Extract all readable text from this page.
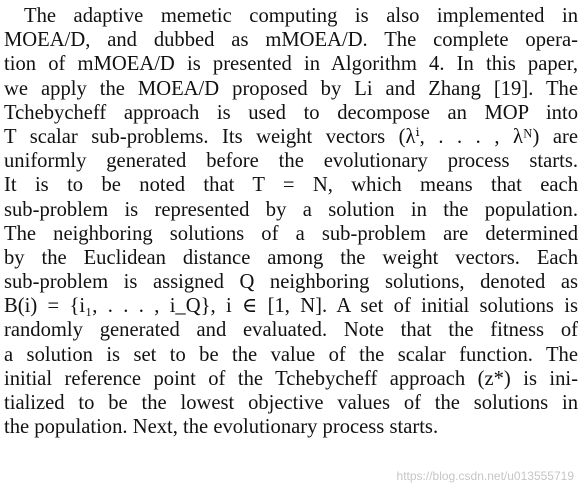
The adaptive memetic computing is also implemented in
MOEA/D, and dubbed as mMOEA/D. The complete opera-
tion of mMOEA/D is presented in Algorithm 4. In this paper,
we apply the MOEA/D proposed by Li and Zhang [19]. The
Tchebycheff approach is used to decompose an MOP into
T scalar sub-problems. Its weight vectors (λⁱ, . . . , λᴺ) are
uniformly generated before the evolutionary process starts.
It is to be noted that T = N, which means that each
sub-problem is represented by a solution in the population.
The neighboring solutions of a sub-problem are determined
by the Euclidean distance among the weight vectors. Each
sub-problem is assigned Q neighboring solutions, denoted as
B(i) = {i₁, . . . , i_Q}, i ∈ [1, N]. A set of initial solutions is
randomly generated and evaluated. Note that the fitness of
a solution is set to be the value of the scalar function. The
initial reference point of the Tchebycheff approach (z*) is ini-
tialized to be the lowest objective values of the solutions in
the population. Next, the evolutionary process starts.
https://blog.csdn.net/u013555719
